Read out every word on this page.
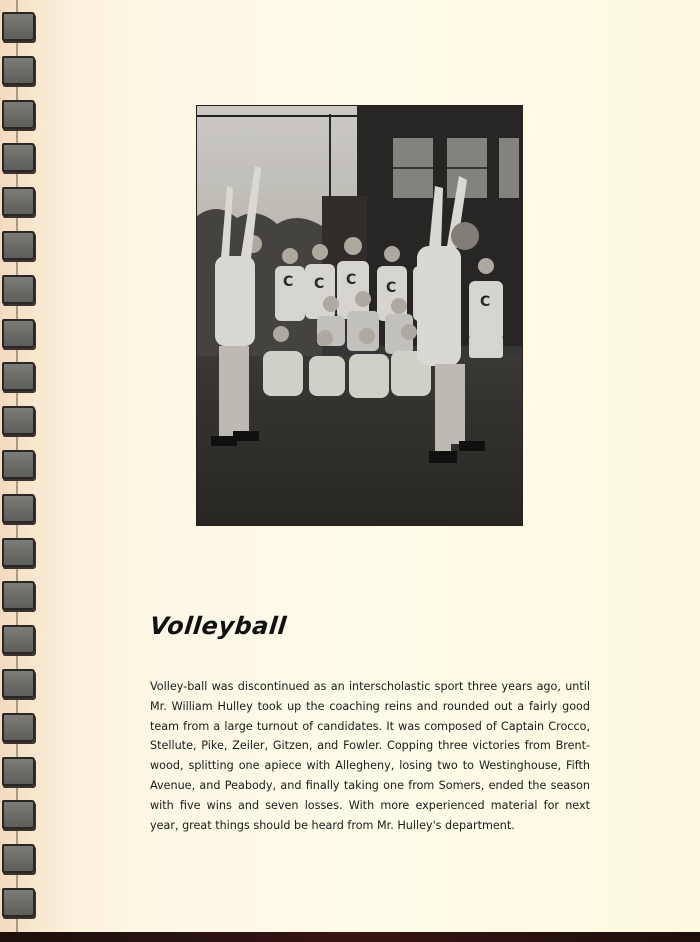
C C C C
C
Volleyball
Volley-ball was discontinued as an interscholastic sport three years ago, until
Mr. William Hulley took up the coaching reins and rounded out a fairly good
team from a large turnout of candidates. It was composed of Captain Crocco,
Stellute, Pike, Zeiler, Gitzen, and Fowler. Copping three victories from Brent-
wood, splitting one apiece with Allegheny, losing two to Westinghouse, Fifth
Avenue, and Peabody, and finally taking one from Somers, ended the season
with five wins and seven losses. With more experienced material for next
year, great things should be heard from Mr. Hulley's department.
